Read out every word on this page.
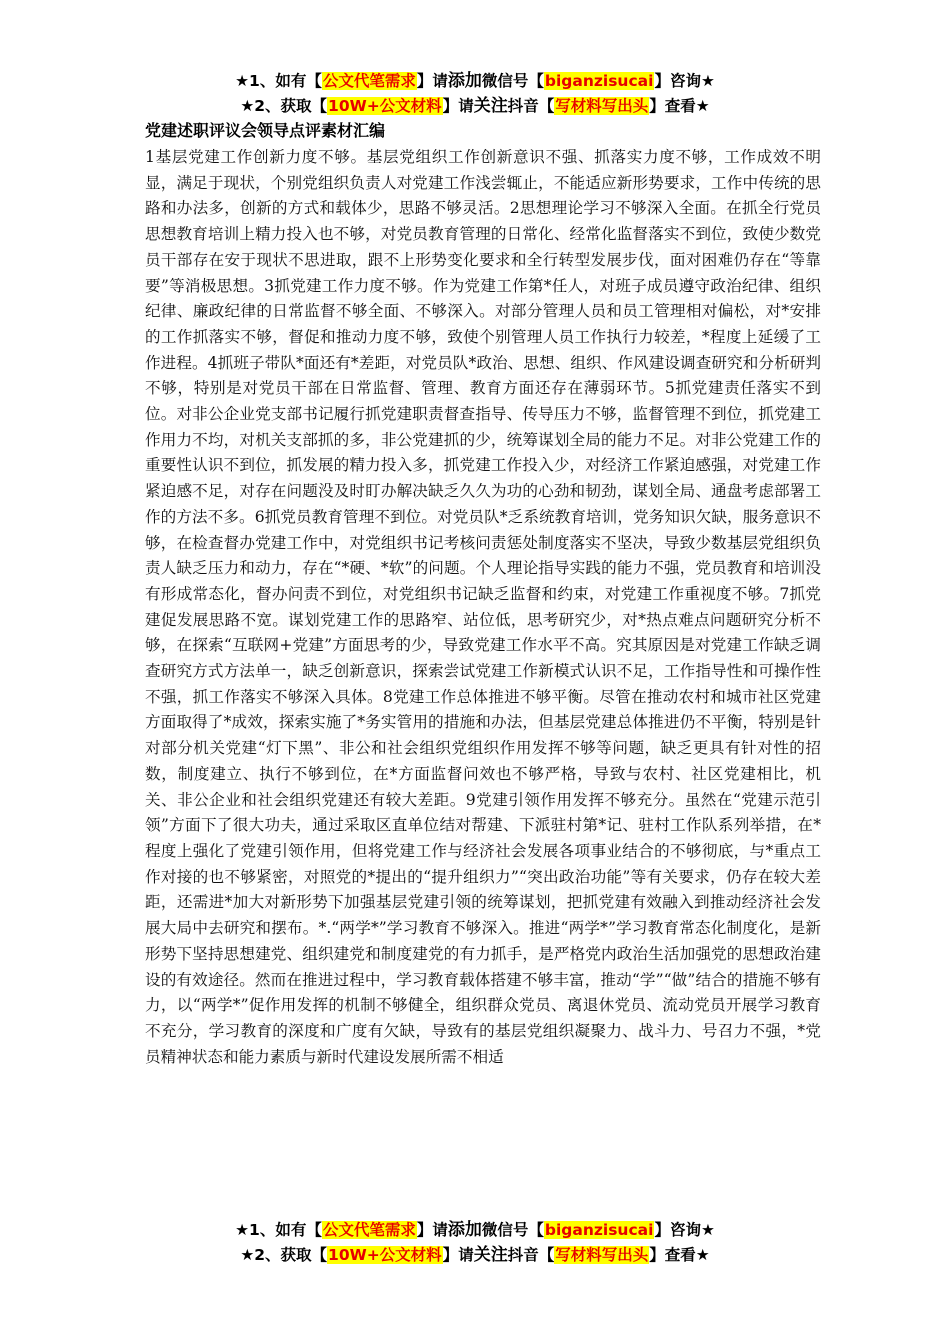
★1、如有【公文代笔需求】请添加微信号【biganzisucai】咨询★
★2、获取【10W+公文材料】请关注抖音【写材料写出头】查看★
党建述职评议会领导点评素材汇编

1基层党建工作创新力度不够。基层党组织工作创新意识不强、抓落实力度不够，工作成效不明显，满足于现状，个别党组织负责人对党建工作浅尝辄止，不能适应新形势要求，工作中传统的思路和办法多，创新的方式和载体少，思路不够灵活。2思想理论学习不够深入全面。在抓全行党员思想教育培训上精力投入也不够，对党员教育管理的日常化、经常化监督落实不到位，致使少数党员干部存在安于现状不思进取，跟不上形势变化要求和全行转型发展步伐，面对困难仍存在“等靠要”等消极思想。3抓党建工作力度不够。作为党建工作第*任人，对班子成员遵守政治纪律、组织纪律、廉政纪律的日常监督不够全面、不够深入。对部分管理人员和员工管理相对偏松，对*安排的工作抓落实不够，督促和推动力度不够，致使个别管理人员工作执行力较差，*程度上延缓了工作进程。4抓班子带队*面还有*差距，对党员队*政治、思想、组织、作风建设调查研究和分析研判不够，特别是对党员干部在日常监督、管理、教育方面还存在薄弱环节。5抓党建责任落实不到位。对非公企业党支部书记履行抓党建职责督查指导、传导压力不够，监督管理不到位，抓党建工作用力不均，对机关支部抓的多，非公党建抓的少，统筹谋划全局的能力不足。对非公党建工作的重要性认识不到位，抓发展的精力投入多，抓党建工作投入少，对经济工作紧迫感强，对党建工作紧迫感不足，对存在问题没及时盯办解决缺乏久久为功的心劲和韧劲，谋划全局、通盘考虑部署工作的方法不多。6抓党员教育管理不到位。对党员队*乏系统教育培训，党务知识欠缺，服务意识不够，在检查督办党建工作中，对党组织书记考核问责惩处制度落实不坚决，导致少数基层党组织负责人缺乏压力和动力，存在“*硬、*软”的问题。个人理论指导实践的能力不强，党员教育和培训没有形成常态化，督办问责不到位，对党组织书记缺乏监督和约束，对党建工作重视度不够。7抓党建促发展思路不宽。谋划党建工作的思路窄、站位低，思考研究少，对*热点难点问题研究分析不够，在探索“互联网+党建”方面思考的少，导致党建工作水平不高。究其原因是对党建工作缺乏调查研究方式方法单一，缺乏创新意识，探索尝试党建工作新模式认识不足，工作指导性和可操作性不强，抓工作落实不够深入具体。8党建工作总体推进不够平衡。尽管在推动农村和城市社区党建方面取得了*成效，探索实施了*务实管用的措施和办法，但基层党建总体推进仍不平衡，特别是针对部分机关党建“灯下黑”、非公和社会组织党组织作用发挥不够等问题，缺乏更具有针对性的招数，制度建立、执行不够到位，在*方面监督问效也不够严格，导致与农村、社区党建相比，机关、非公企业和社会组织党建还有较大差距。9党建引领作用发挥不够充分。虽然在“党建示范引领”方面下了很大功夫，通过采取区直单位结对帮建、下派驻村第*记、驻村工作队系列举措，在*程度上强化了党建引领作用，但将党建工作与经济社会发展各项事业结合的不够彻底，与*重点工作对接的也不够紧密，对照党的*提出的“提升组织力”“突出政治功能”等有关要求，仍存在较大差距，还需进*加大对新形势下加强基层党建引领的统筹谋划，把抓党建有效融入到推动经济社会发展大局中去研究和摆布。*.“两学*”学习教育不够深入。推进“两学*”学习教育常态化制度化，是新形势下坚持思想建党、组织建党和制度建党的有力抓手，是严格党内政治生活加强党的思想政治建设的有效途径。然而在推进过程中，学习教育载体搭建不够丰富，推动“学”“做”结合的措施不够有力，以“两学*”促作用发挥的机制不够健全，组织群众党员、离退休党员、流动党员开展学习教育不充分，学习教育的深度和广度有欠缺，导致有的基层党组织凝聚力、战斗力、号召力不强，*党员精神状态和能力素质与新时代建设发展所需不相适

★1、如有【公文代笔需求】请添加微信号【biganzisucai】咨询★
★2、获取【10W+公文材料】请关注抖音【写材料写出头】查看★
